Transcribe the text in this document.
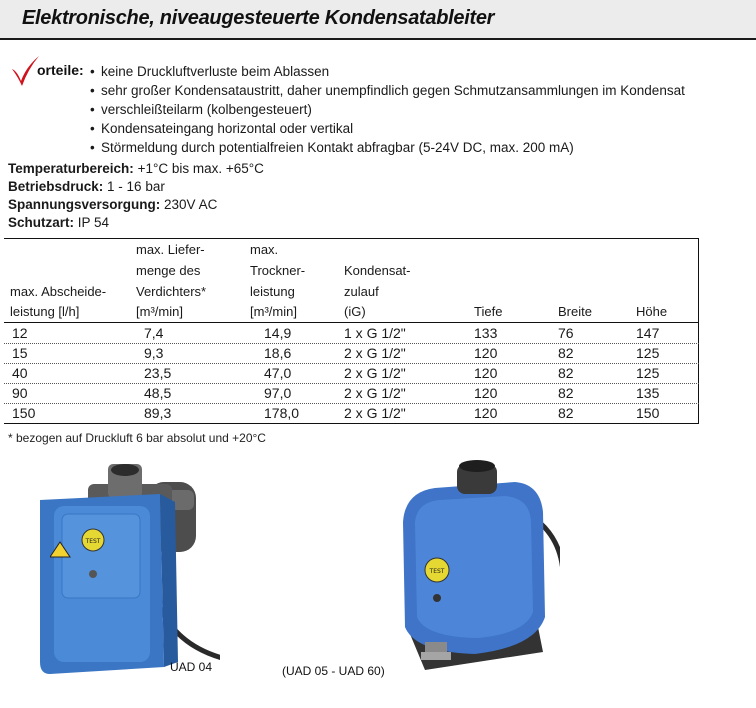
Elektronische, niveaugesteuerte Kondensatableiter
orteile:
•	keine Druckluftverluste beim Ablassen
• sehr großer Kondensataustritt, daher unempfindlich gegen Schmutzansammlungen im Kondensat
• verschleißteilarm (kolbengesteuert)
• Kondensateingang horizontal oder vertikal
• Störmeldung durch potentialfreien Kontakt abfragbar (5-24V DC, max. 200 mA)
Temperaturbereich: +1°C bis max. +65°C
Betriebsdruck: 1 - 16 bar
Spannungsversorgung: 230V AC
Schutzart: IP 54
max. Abscheide-
leistung [l/h]
max. Liefer-
menge des
Verdichters*
[m³/min]
max.
Trockner-
leistung
[m³/min]
Kondensat-
zulauf
(iG)	Tiefe	Breite	Höhe
12	7,4	14,9	1 x G 1/2"	133	76	147
15	9,3	18,6	2 x G 1/2"	120	82	125
40	23,5	47,0	2 x G 1/2"	120	82	125
90	48,5	97,0	2 x G 1/2"	120	82	135
150	89,3	178,0	2 x G 1/2"	120	82	150
* bezogen auf Druckluft 6 bar absolut und +20°C
TEST
UAD 04
TEST
(UAD 05 - UAD 60)
